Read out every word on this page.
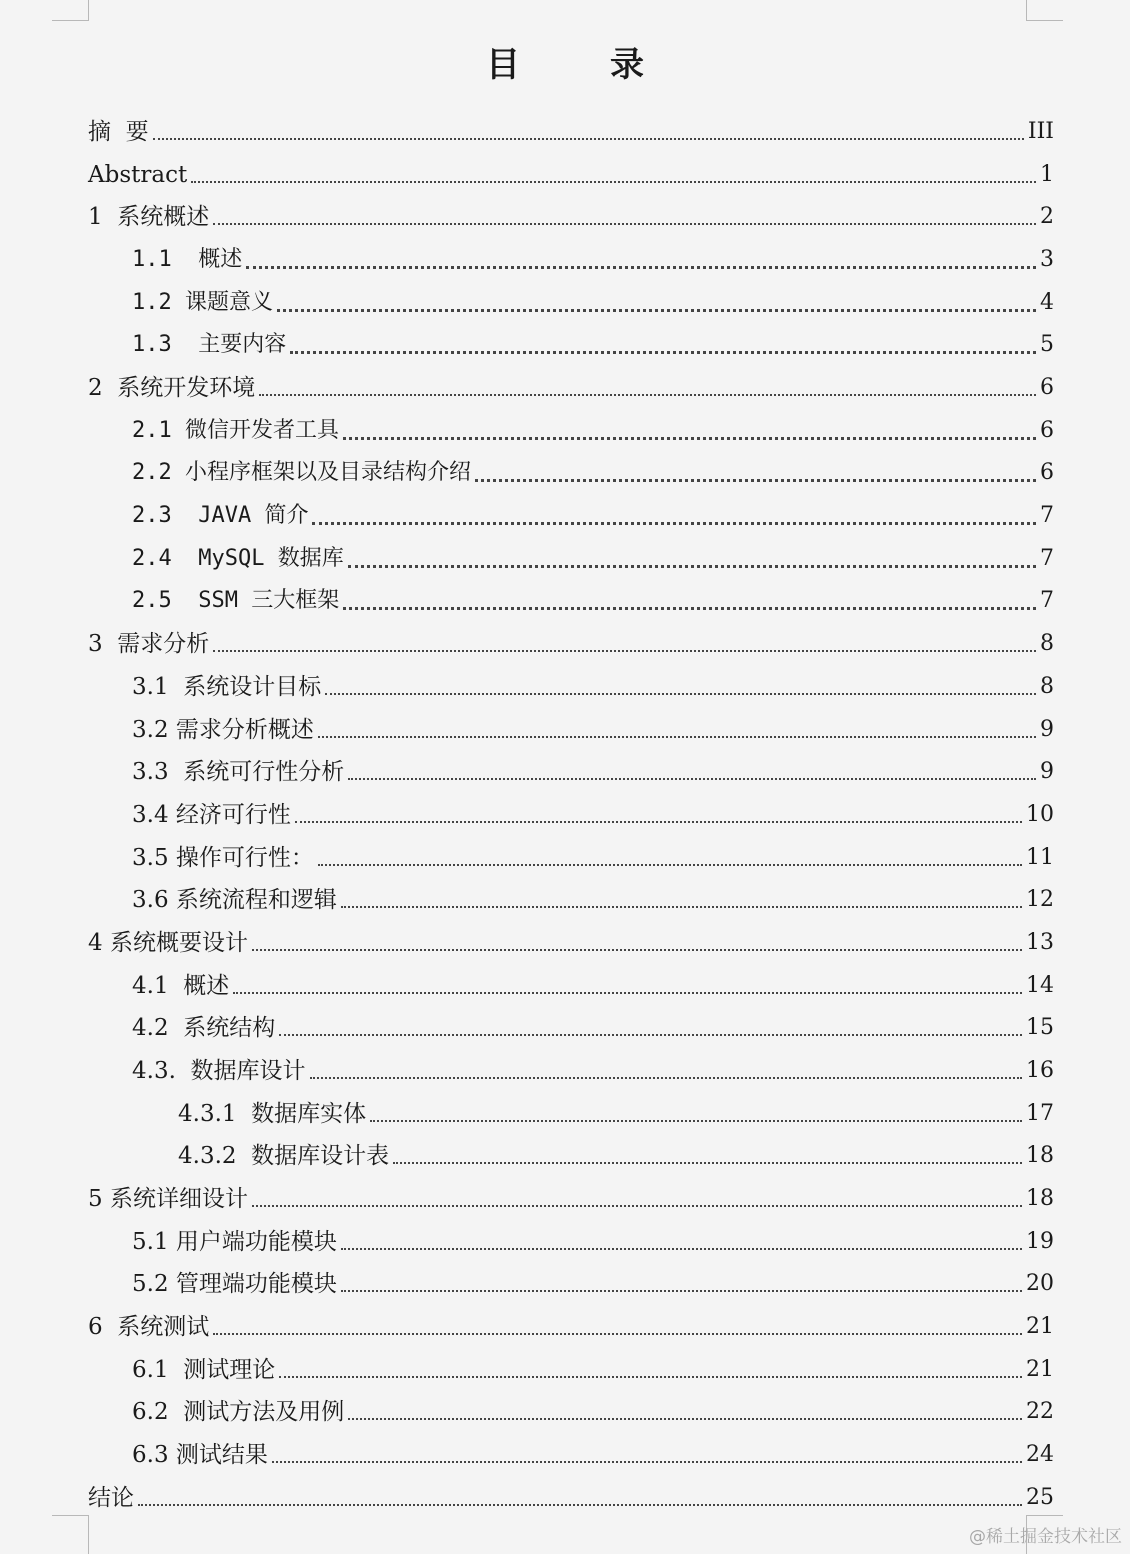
目　录
摘  要	III
Abstract	1
1  系统概述	2
1.1  概述	3
1.2 课题意义	4
1.3  主要内容	5
2  系统开发环境	6
2.1 微信开发者工具	6
2.2 小程序框架以及目录结构介绍	6
2.3  JAVA 简介	7
2.4  MySQL 数据库	7
2.5  SSM 三大框架	7
3  需求分析	8
3.1  系统设计目标	8
3.2 需求分析概述	9
3.3  系统可行性分析	9
3.4 经济可行性	10
3.5 操作可行性：	11
3.6 系统流程和逻辑	12
4 系统概要设计	13
4.1  概述	14
4.2  系统结构	15
4.3.  数据库设计	16
4.3.1  数据库实体	17
4.3.2  数据库设计表	18
5 系统详细设计	18
5.1 用户端功能模块	19
5.2 管理端功能模块	20
6  系统测试	21
6.1  测试理论	21
6.2  测试方法及用例	22
6.3 测试结果	24
结论	25
@稀土掘金技术社区
